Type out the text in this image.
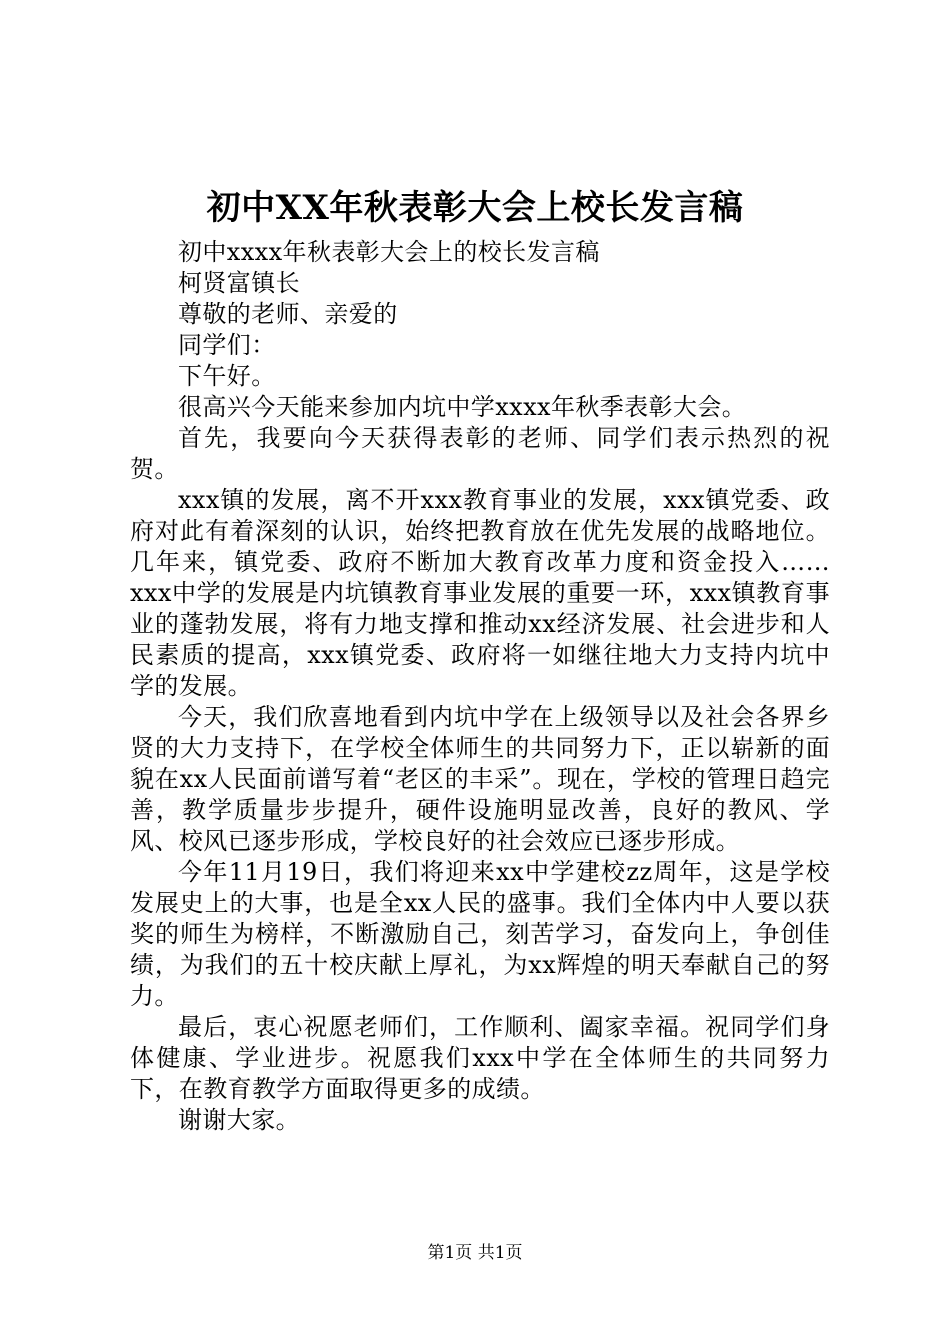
初中XX年秋表彰大会上校长发言稿

初中xxxx年秋表彰大会上的校长发言稿

柯贤富镇长

尊敬的老师、亲爱的

同学们：

下午好。

很高兴今天能来参加内坑中学xxxx年秋季表彰大会。

首先，我要向今天获得表彰的老师、同学们表示热烈的祝贺。

xxx镇的发展，离不开xxx教育事业的发展，xxx镇党委、政府对此有着深刻的认识，始终把教育放在优先发展的战略地位。几年来，镇党委、政府不断加大教育改革力度和资金投入……xxx中学的发展是内坑镇教育事业发展的重要一环，xxx镇教育事业的蓬勃发展，将有力地支撑和推动xx经济发展、社会进步和人民素质的提高，xxx镇党委、政府将一如继往地大力支持内坑中学的发展。

今天，我们欣喜地看到内坑中学在上级领导以及社会各界乡贤的大力支持下，在学校全体师生的共同努力下，正以崭新的面貌在xx人民面前谱写着“老区的丰采”。现在，学校的管理日趋完善，教学质量步步提升，硬件设施明显改善，良好的教风、学风、校风已逐步形成，学校良好的社会效应已逐步形成。

今年11月19日，我们将迎来xx中学建校zz周年，这是学校发展史上的大事，也是全xx人民的盛事。我们全体内中人要以获奖的师生为榜样，不断激励自己，刻苦学习，奋发向上，争创佳绩，为我们的五十校庆献上厚礼，为xx辉煌的明天奉献自己的努力。

最后，衷心祝愿老师们，工作顺利、阖家幸福。祝同学们身体健康、学业进步。祝愿我们xxx中学在全体师生的共同努力下，在教育教学方面取得更多的成绩。

谢谢大家。

第1页 共1页
